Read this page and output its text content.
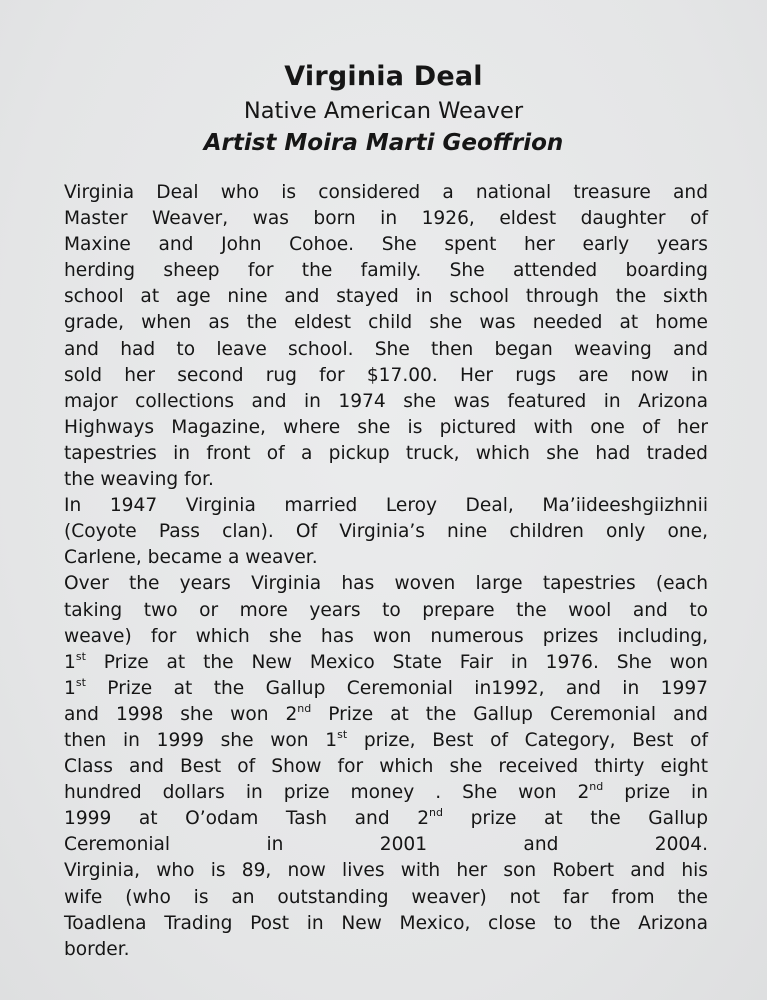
Virginia Deal
Native American Weaver
Artist Moira Marti Geoffrion
Virginia Deal who is considered a national treasure and
Master Weaver, was born in 1926, eldest daughter of
Maxine and John Cohoe. She spent her early years
herding sheep for the family. She attended boarding
school at age nine and stayed in school through the sixth
grade, when as the eldest child she was needed at home
and had to leave school. She then began weaving and
sold her second rug for $17.00. Her rugs are now in
major collections and in 1974 she was featured in Arizona
Highways Magazine, where she is pictured with one of her
tapestries in front of a pickup truck, which she had traded
the weaving for.
In 1947 Virginia married Leroy Deal, Ma’iideeshgiizhnii
(Coyote Pass clan). Of Virginia’s nine children only one,
Carlene, became a weaver.
Over the years Virginia has woven large tapestries (each
taking two or more years to prepare the wool and to
weave) for which she has won numerous prizes including,
1st Prize at the New Mexico State Fair in 1976. She won
1st Prize at the Gallup Ceremonial in1992, and in 1997
and 1998 she won 2nd Prize at the Gallup Ceremonial and
then in 1999 she won 1st prize, Best of Category, Best of
Class and Best of Show for which she received thirty eight
hundred dollars in prize money . She won 2nd prize in
1999 at O’odam Tash and 2nd prize at the Gallup
Ceremonial in 2001 and 2004.
Virginia, who is 89, now lives with her son Robert and his
wife (who is an outstanding weaver) not far from the
Toadlena Trading Post in New Mexico, close to the Arizona
border.
